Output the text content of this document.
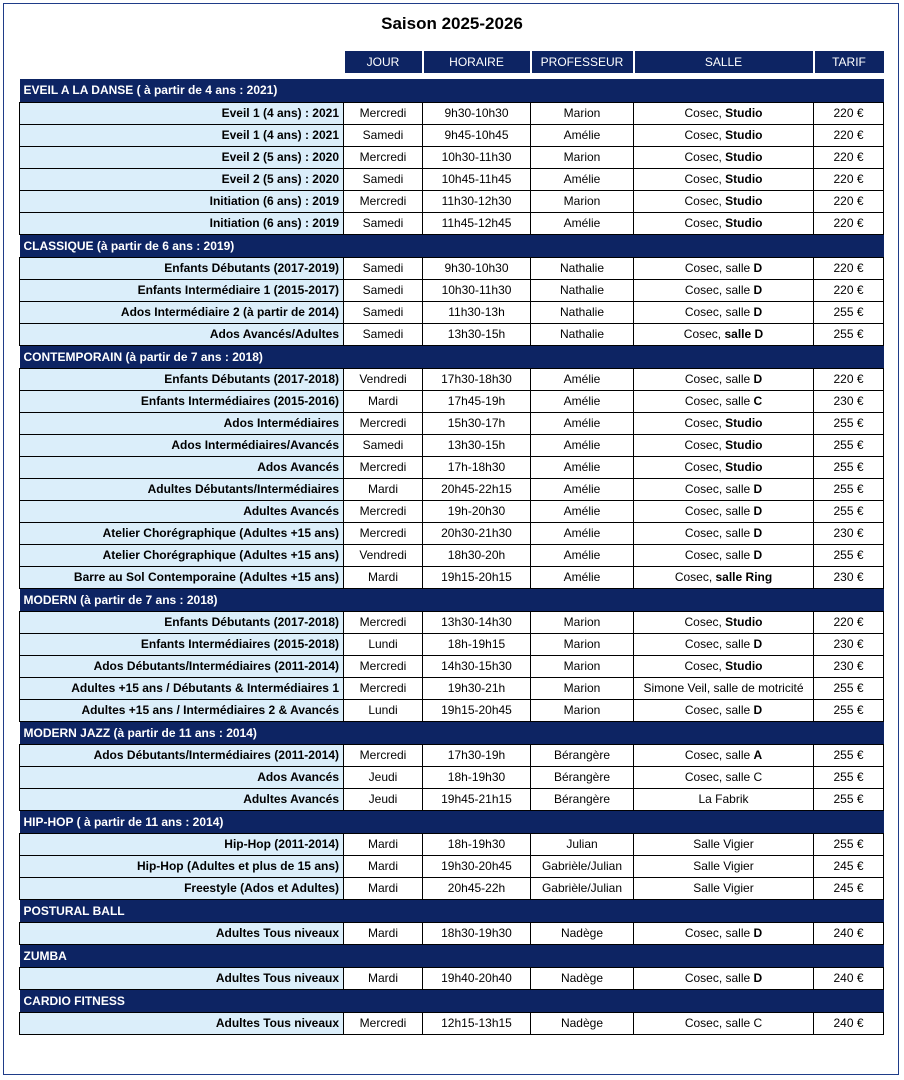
Saison 2025-2026
	JOUR	HORAIRE	PROFESSEUR	SALLE	TARIF

EVEIL A LA DANSE ( à partir de 4 ans : 2021)					
Eveil 1 (4 ans) : 2021	Mercredi	9h30-10h30	Marion	Cosec, Studio	220 €
Eveil 1 (4 ans) : 2021	Samedi	9h45-10h45	Amélie	Cosec, Studio	220 €
Eveil 2 (5 ans) : 2020	Mercredi	10h30-11h30	Marion	Cosec, Studio	220 €
Eveil 2 (5 ans) : 2020	Samedi	10h45-11h45	Amélie	Cosec, Studio	220 €
Initiation (6 ans) : 2019	Mercredi	11h30-12h30	Marion	Cosec, Studio	220 €
Initiation (6 ans) : 2019	Samedi	11h45-12h45	Amélie	Cosec, Studio	220 €
CLASSIQUE (à partir de 6 ans : 2019)					
Enfants Débutants (2017-2019)	Samedi	9h30-10h30	Nathalie	Cosec, salle D	220 €
Enfants Intermédiaire 1 (2015-2017)	Samedi	10h30-11h30	Nathalie	Cosec, salle D	220 €
Ados Intermédiaire 2 (à partir de 2014)	Samedi	11h30-13h	Nathalie	Cosec, salle D	255 €
Ados Avancés/Adultes	Samedi	13h30-15h	Nathalie	Cosec, salle D	255 €
CONTEMPORAIN (à partir de 7 ans : 2018)					
Enfants Débutants (2017-2018)	Vendredi	17h30-18h30	Amélie	Cosec, salle D	220 €
Enfants Intermédiaires (2015-2016)	Mardi	17h45-19h	Amélie	Cosec, salle C	230 €
Ados Intermédiaires	Mercredi	15h30-17h	Amélie	Cosec, Studio	255 €
Ados Intermédiaires/Avancés	Samedi	13h30-15h	Amélie	Cosec, Studio	255 €
Ados Avancés	Mercredi	17h-18h30	Amélie	Cosec, Studio	255 €
Adultes Débutants/Intermédiaires	Mardi	20h45-22h15	Amélie	Cosec, salle D	255 €
Adultes Avancés	Mercredi	19h-20h30	Amélie	Cosec, salle D	255 €
Atelier Chorégraphique (Adultes +15 ans)	Mercredi	20h30-21h30	Amélie	Cosec, salle D	230 €
Atelier Chorégraphique (Adultes +15 ans)	Vendredi	18h30-20h	Amélie	Cosec, salle D	255 €
Barre au Sol Contemporaine (Adultes +15 ans)	Mardi	19h15-20h15	Amélie	Cosec, salle Ring	230 €
MODERN (à partir de 7 ans : 2018)					
Enfants Débutants (2017-2018)	Mercredi	13h30-14h30	Marion	Cosec, Studio	220 €
Enfants Intermédiaires (2015-2018)	Lundi	18h-19h15	Marion	Cosec, salle D	230 €
Ados Débutants/Intermédiaires (2011-2014)	Mercredi	14h30-15h30	Marion	Cosec, Studio	230 €
Adultes +15 ans / Débutants & Intermédiaires 1	Mercredi	19h30-21h	Marion	Simone Veil, salle de motricité	255 €
Adultes +15 ans / Intermédiaires 2 & Avancés	Lundi	19h15-20h45	Marion	Cosec, salle D	255 €
MODERN JAZZ (à partir de 11 ans : 2014)					
Ados Débutants/Intermédiaires (2011-2014)	Mercredi	17h30-19h	Bérangère	Cosec, salle A	255 €
Ados Avancés	Jeudi	18h-19h30	Bérangère	Cosec, salle C	255 €
Adultes Avancés	Jeudi	19h45-21h15	Bérangère	La Fabrik	255 €
HIP-HOP ( à partir de 11 ans : 2014)					
Hip-Hop (2011-2014)	Mardi	18h-19h30	Julian	Salle Vigier	255 €
Hip-Hop (Adultes et plus de 15 ans)	Mardi	19h30-20h45	Gabrièle/Julian	Salle Vigier	245 €
Freestyle (Ados et Adultes)	Mardi	20h45-22h	Gabrièle/Julian	Salle Vigier	245 €
POSTURAL BALL					
Adultes Tous niveaux	Mardi	18h30-19h30	Nadège	Cosec, salle D	240 €
ZUMBA					
Adultes Tous niveaux	Mardi	19h40-20h40	Nadège	Cosec, salle D	240 €
CARDIO FITNESS					
Adultes Tous niveaux	Mercredi	12h15-13h15	Nadège	Cosec, salle C	240 €
